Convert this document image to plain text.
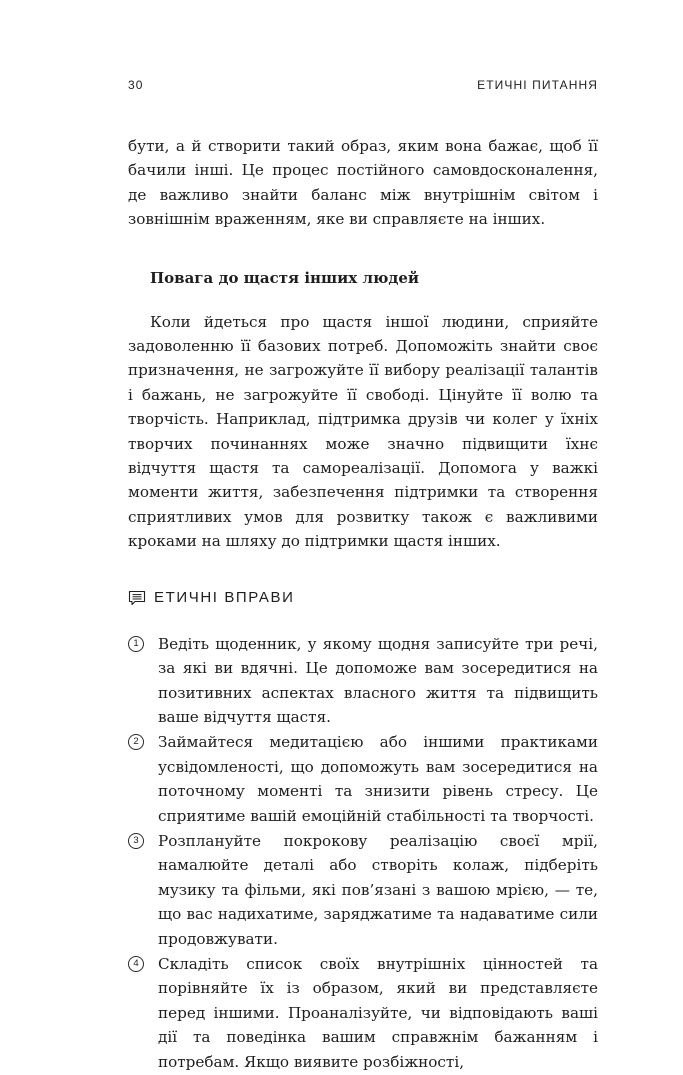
30	ЕТИЧНІ ПИТАННЯ

бути, а й створити такий образ, яким вона бажає, щоб її бачили інші. Це процес постійного самовдосконалення, де важливо знайти баланс між внутрішнім світом і зовнішнім враженням, яке ви справляєте на інших.

Повага до щастя інших людей

Коли йдеться про щастя іншої людини, сприяйте задоволенню її базових потреб. Допоможіть знайти своє призначення, не загрожуйте її вибору реалізації талантів і бажань, не загрожуйте її свободі. Цінуйте її волю та творчість. Наприклад, підтримка друзів чи колег у їхніх творчих починаннях може значно підвищити їхнє відчуття щастя та самореалізації. Допомога у важкі моменти життя, забезпечення підтримки та створення сприятливих умов для розвитку також є важливими кроками на шляху до підтримки щастя інших.

ЕТИЧНІ ВПРАВИ
1	Ведіть щоденник, у якому щодня записуйте три речі, за які ви вдячні. Це допоможе вам зосередитися на позитивних аспектах власного життя та підвищить ваше відчуття щастя.

2	Займайтеся медитацією або іншими практиками усвідомленості, що допоможуть вам зосередитися на поточному моменті та знизити рівень стресу. Це сприятиме вашій емоційній стабільності та творчості.

3	Розплануйте покрокову реалізацію своєї мрії, намалюйте деталі або створіть колаж, підберіть музику та фільми, які пов’язані з вашою мрією, — те, що вас надихатиме, заряджатиме та надаватиме сили продовжувати.

4	Складіть список своїх внутрішніх цінностей та порівняйте їх із образом, який ви представляєте перед іншими. Проаналізуйте, чи відповідають ваші дії та поведінка вашим справжнім бажанням і потребам. Якщо виявите розбіжності,
